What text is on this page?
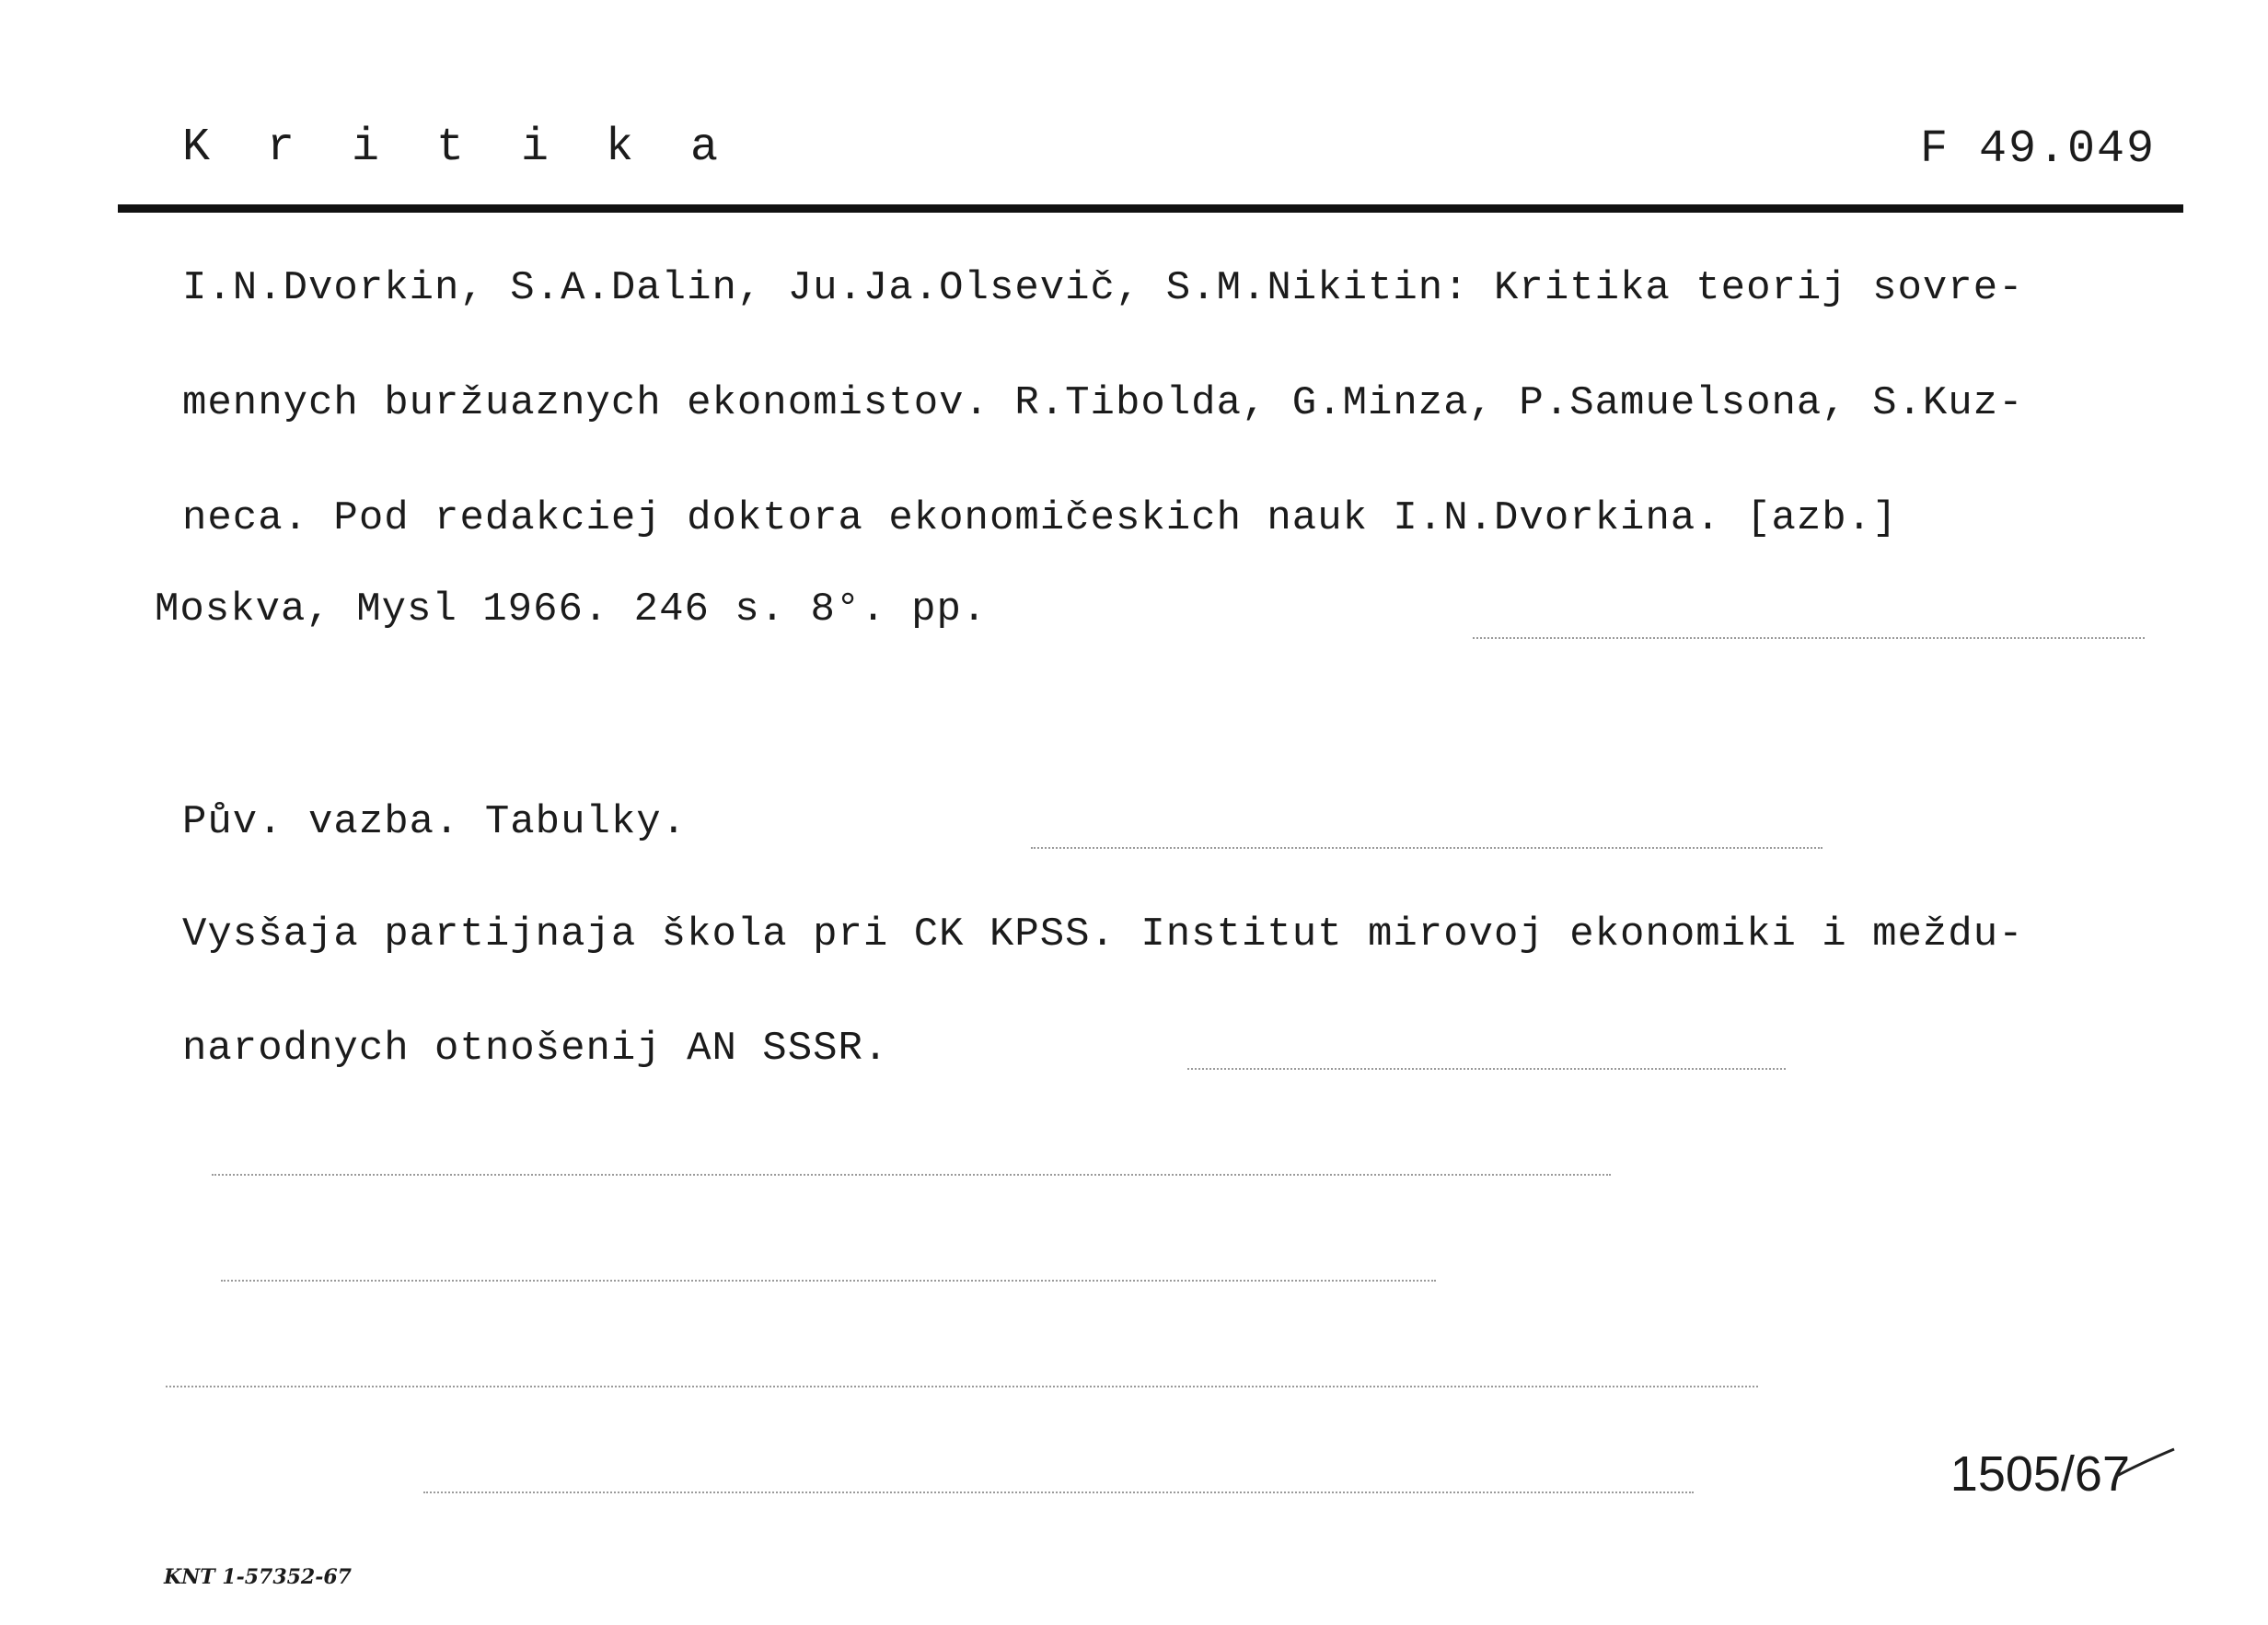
K r i t i k a	F 49.049
I.N.Dvorkin, S.A.Dalin, Ju.Ja.Olsevič, S.M.Nikitin: Kritika teorij sovre-
mennych buržuaznych ekonomistov. R.Tibolda, G.Minza, P.Samuelsona, S.Kuz-
neca. Pod redakciej doktora ekonomičeskich nauk I.N.Dvorkina. [azb.]
Moskva, Mysl 1966. 246 s. 8°. pp.
Pův. vazba. Tabulky.
Vysšaja partijnaja škola pri CK KPSS. Institut mirovoj ekonomiki i meždu-
narodnych otnošenij AN SSSR.
1505/67
KNT 1-57352-67
